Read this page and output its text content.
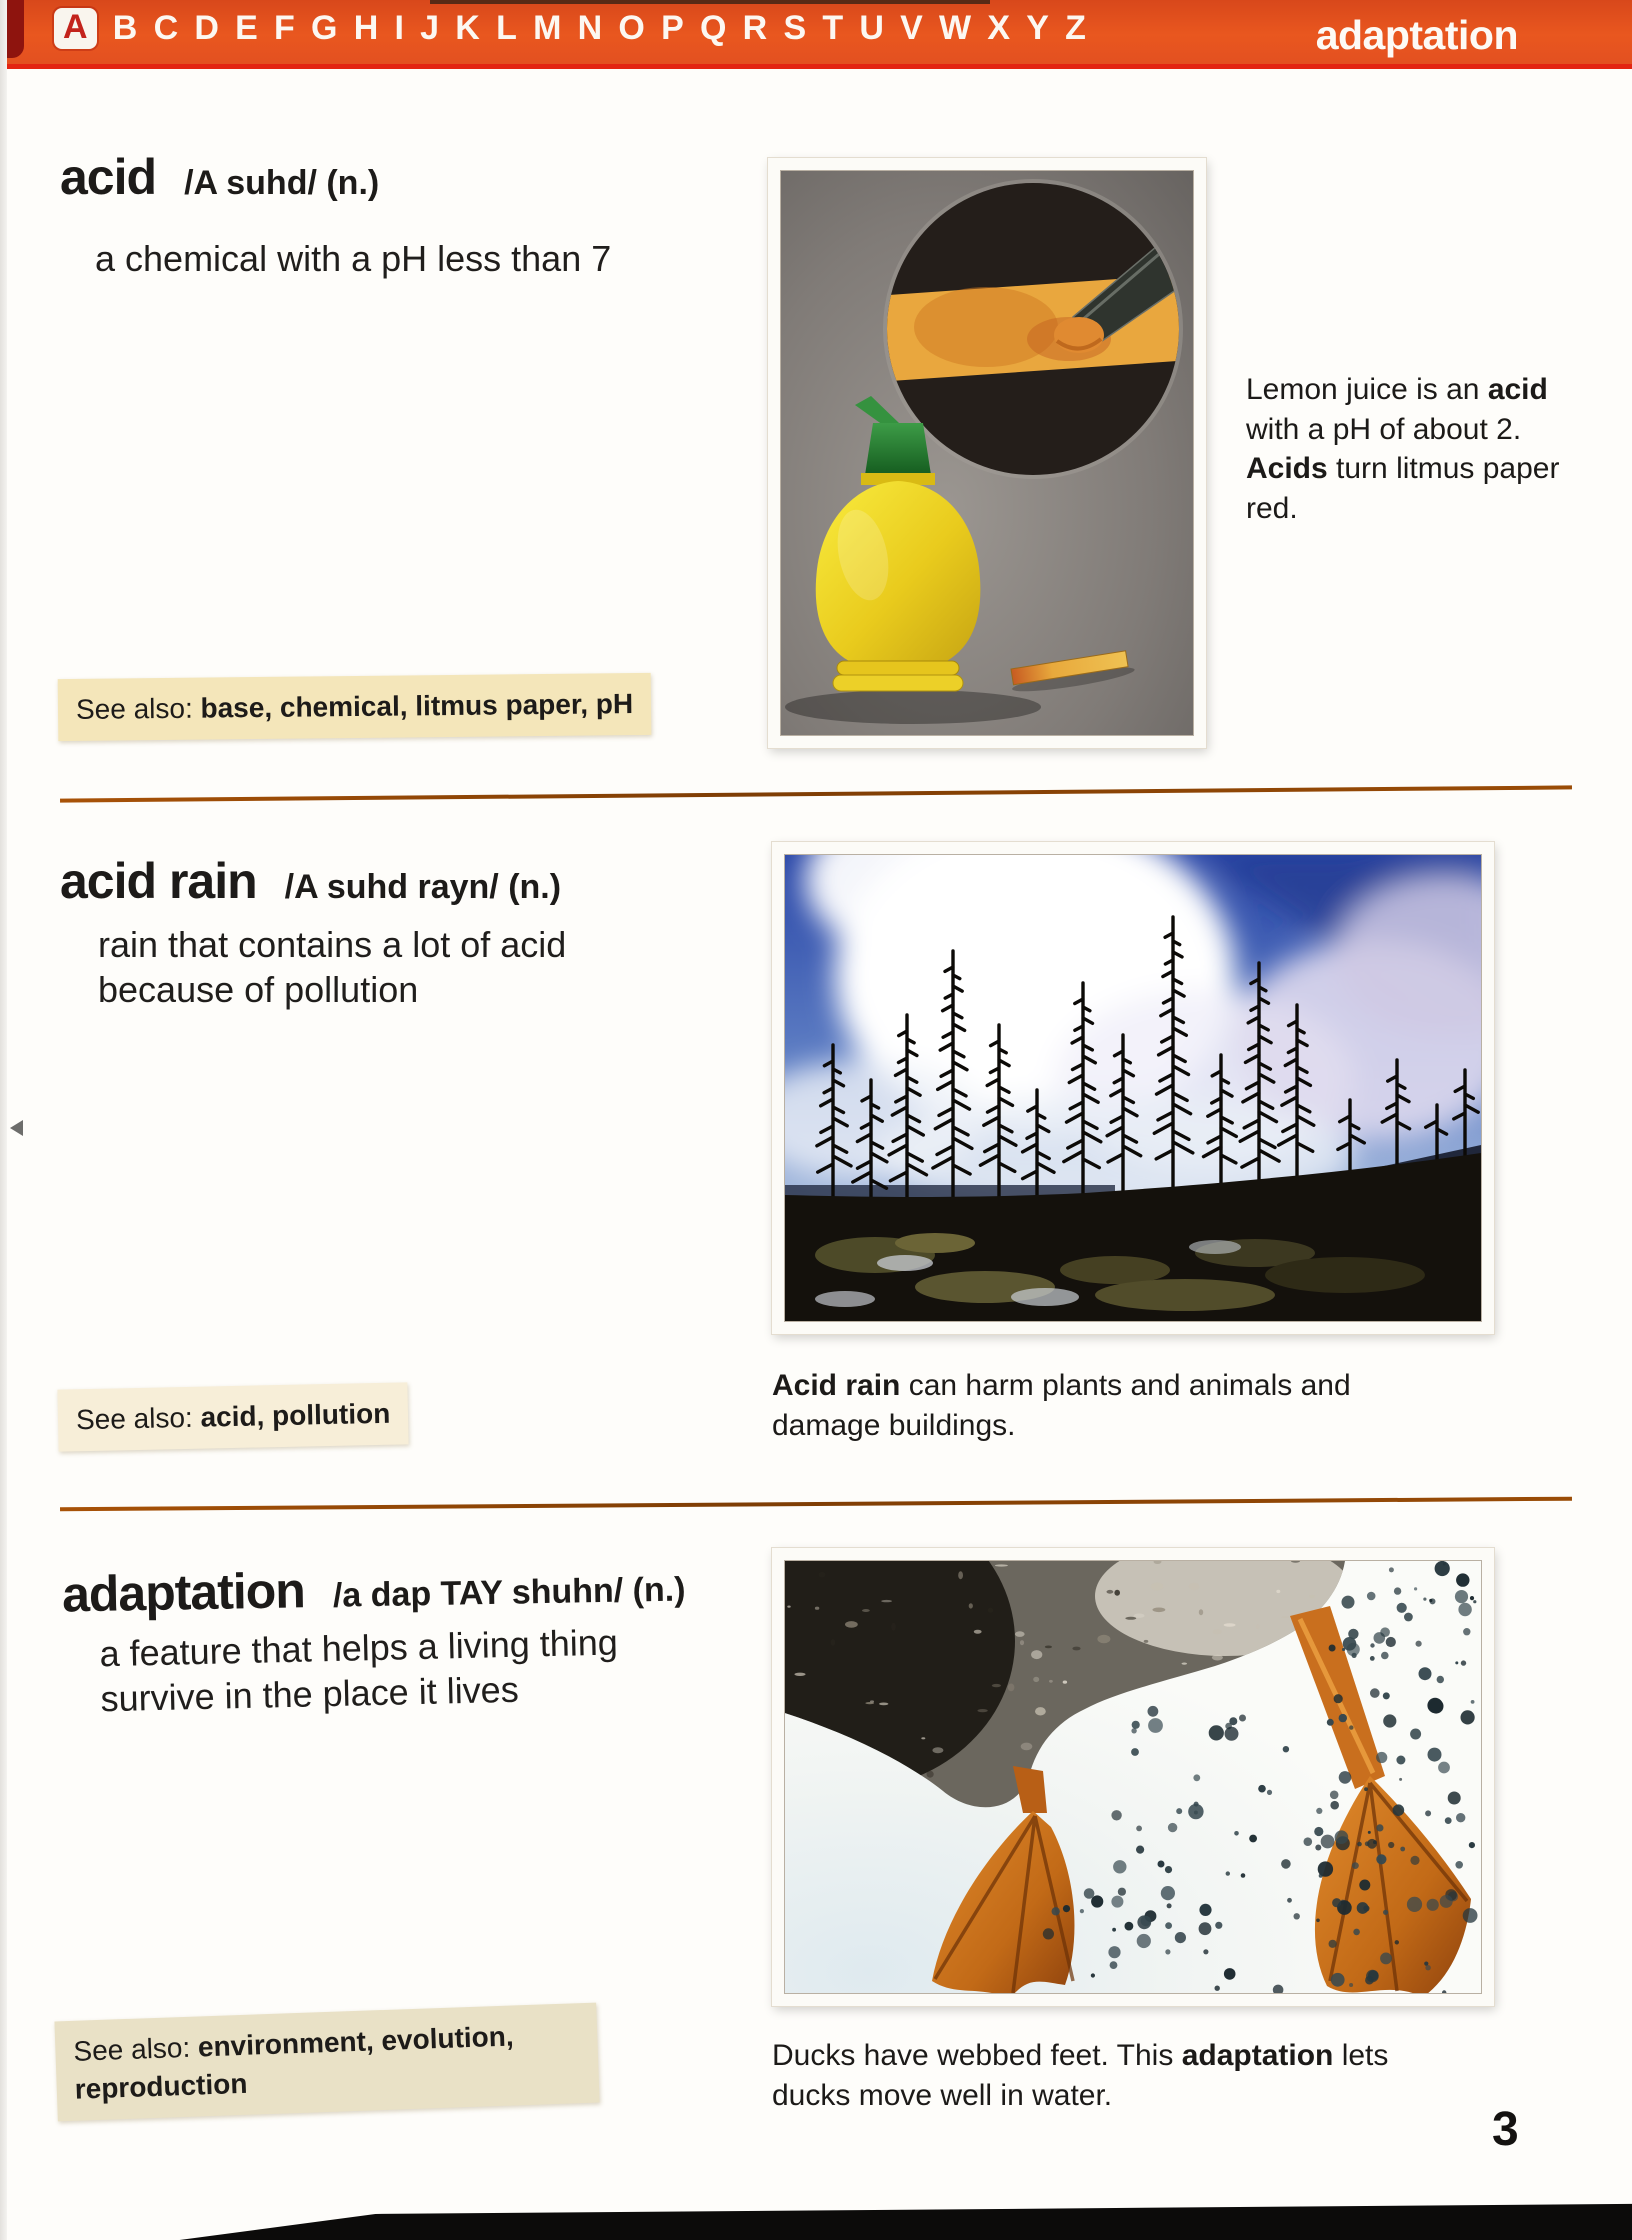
A B C D E F G H I J K L M N O P Q R S T U V W X Y Z	adaptation
acid /A suhd/ (n.)
a chemical with a pH less than 7
Lemon juice is an acid with a pH of about 2. Acids turn litmus paper red.
See also: base, chemical, litmus paper, pH
acid rain /A suhd rayn/ (n.)
rain that contains a lot of acid because of pollution
Acid rain can harm plants and animals and damage buildings.
See also: acid, pollution
adaptation /a dap TAY shuhn/ (n.)
a feature that helps a living thing survive in the place it lives
Ducks have webbed feet. This adaptation lets ducks move well in water.
See also: environment, evolution, reproduction
3
